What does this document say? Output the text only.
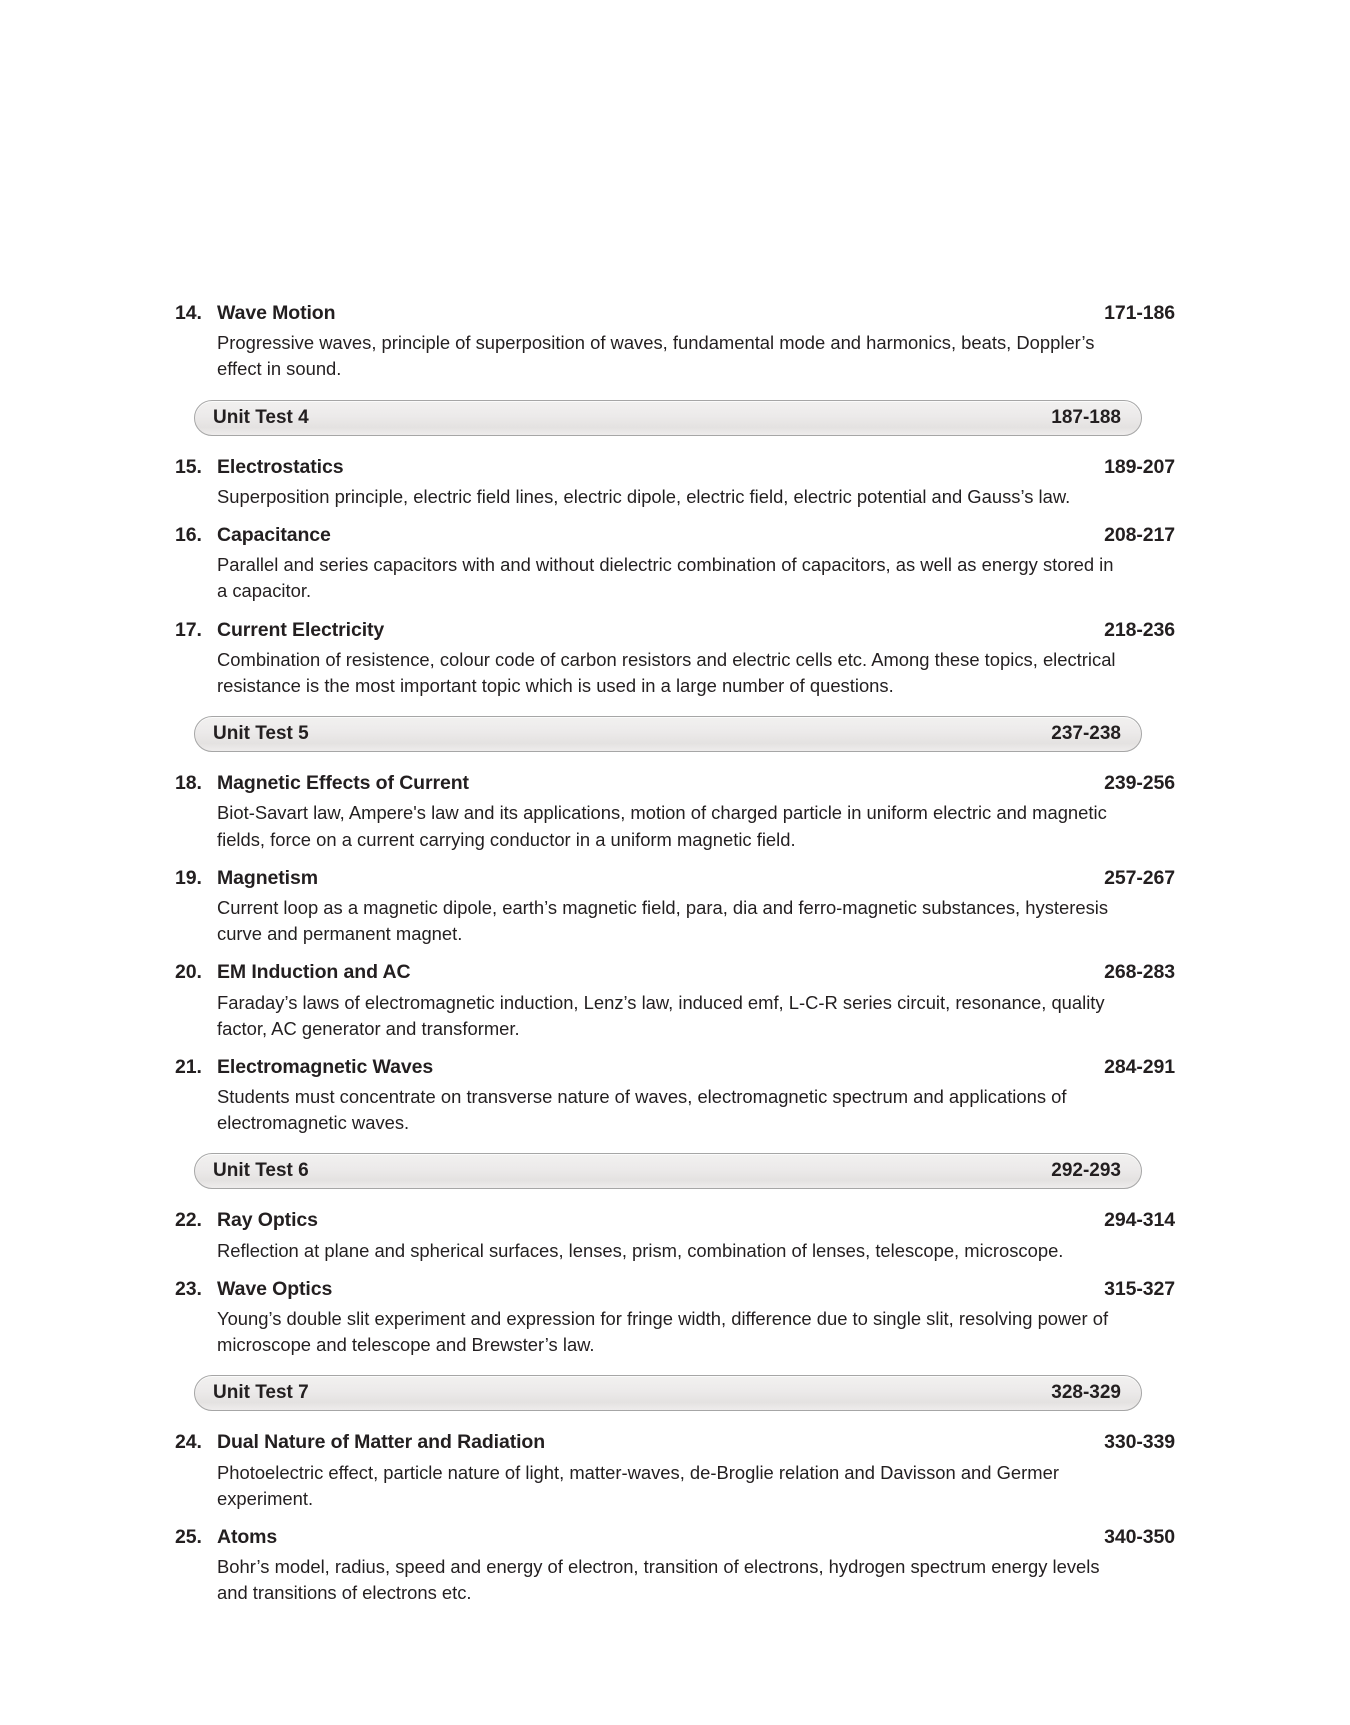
14. Wave Motion	171-186
Progressive waves, principle of superposition of waves, fundamental mode and harmonics, beats, Doppler’s effect in sound.
Unit Test 4	187-188
15. Electrostatics	189-207
Superposition principle, electric field lines, electric dipole, electric field, electric potential and Gauss’s law.
16. Capacitance	208-217
Parallel and series capacitors with and without dielectric combination of capacitors, as well as energy stored in a capacitor.
17. Current Electricity	218-236
Combination of resistence, colour code of carbon resistors and electric cells etc. Among these topics, electrical resistance is the most important topic which is used in a large number of questions.
Unit Test 5	237-238
18. Magnetic Effects of Current	239-256
Biot-Savart law, Ampere's law and its applications, motion of charged particle in uniform electric and magnetic fields, force on a current carrying conductor in a uniform magnetic field.
19. Magnetism	257-267
Current loop as a magnetic dipole, earth’s magnetic field, para, dia and ferro-magnetic substances, hysteresis curve and permanent magnet.
20. EM Induction and AC	268-283
Faraday’s laws of electromagnetic induction, Lenz’s law, induced emf, L-C-R series circuit, resonance, quality factor, AC generator and transformer.
21. Electromagnetic Waves	284-291
Students must concentrate on transverse nature of waves, electromagnetic spectrum and applications of electromagnetic waves.
Unit Test 6	292-293
22. Ray Optics	294-314
Reflection at plane and spherical surfaces, lenses, prism, combination of lenses, telescope, microscope.
23. Wave Optics	315-327
Young’s double slit experiment and expression for fringe width, difference due to single slit, resolving power of microscope and telescope and Brewster’s law.
Unit Test 7	328-329
24. Dual Nature of Matter and Radiation	330-339
Photoelectric effect, particle nature of light, matter-waves, de-Broglie relation and Davisson and Germer experiment.
25. Atoms	340-350
Bohr’s model, radius, speed and energy of electron, transition of electrons, hydrogen spectrum energy levels and transitions of electrons etc.
